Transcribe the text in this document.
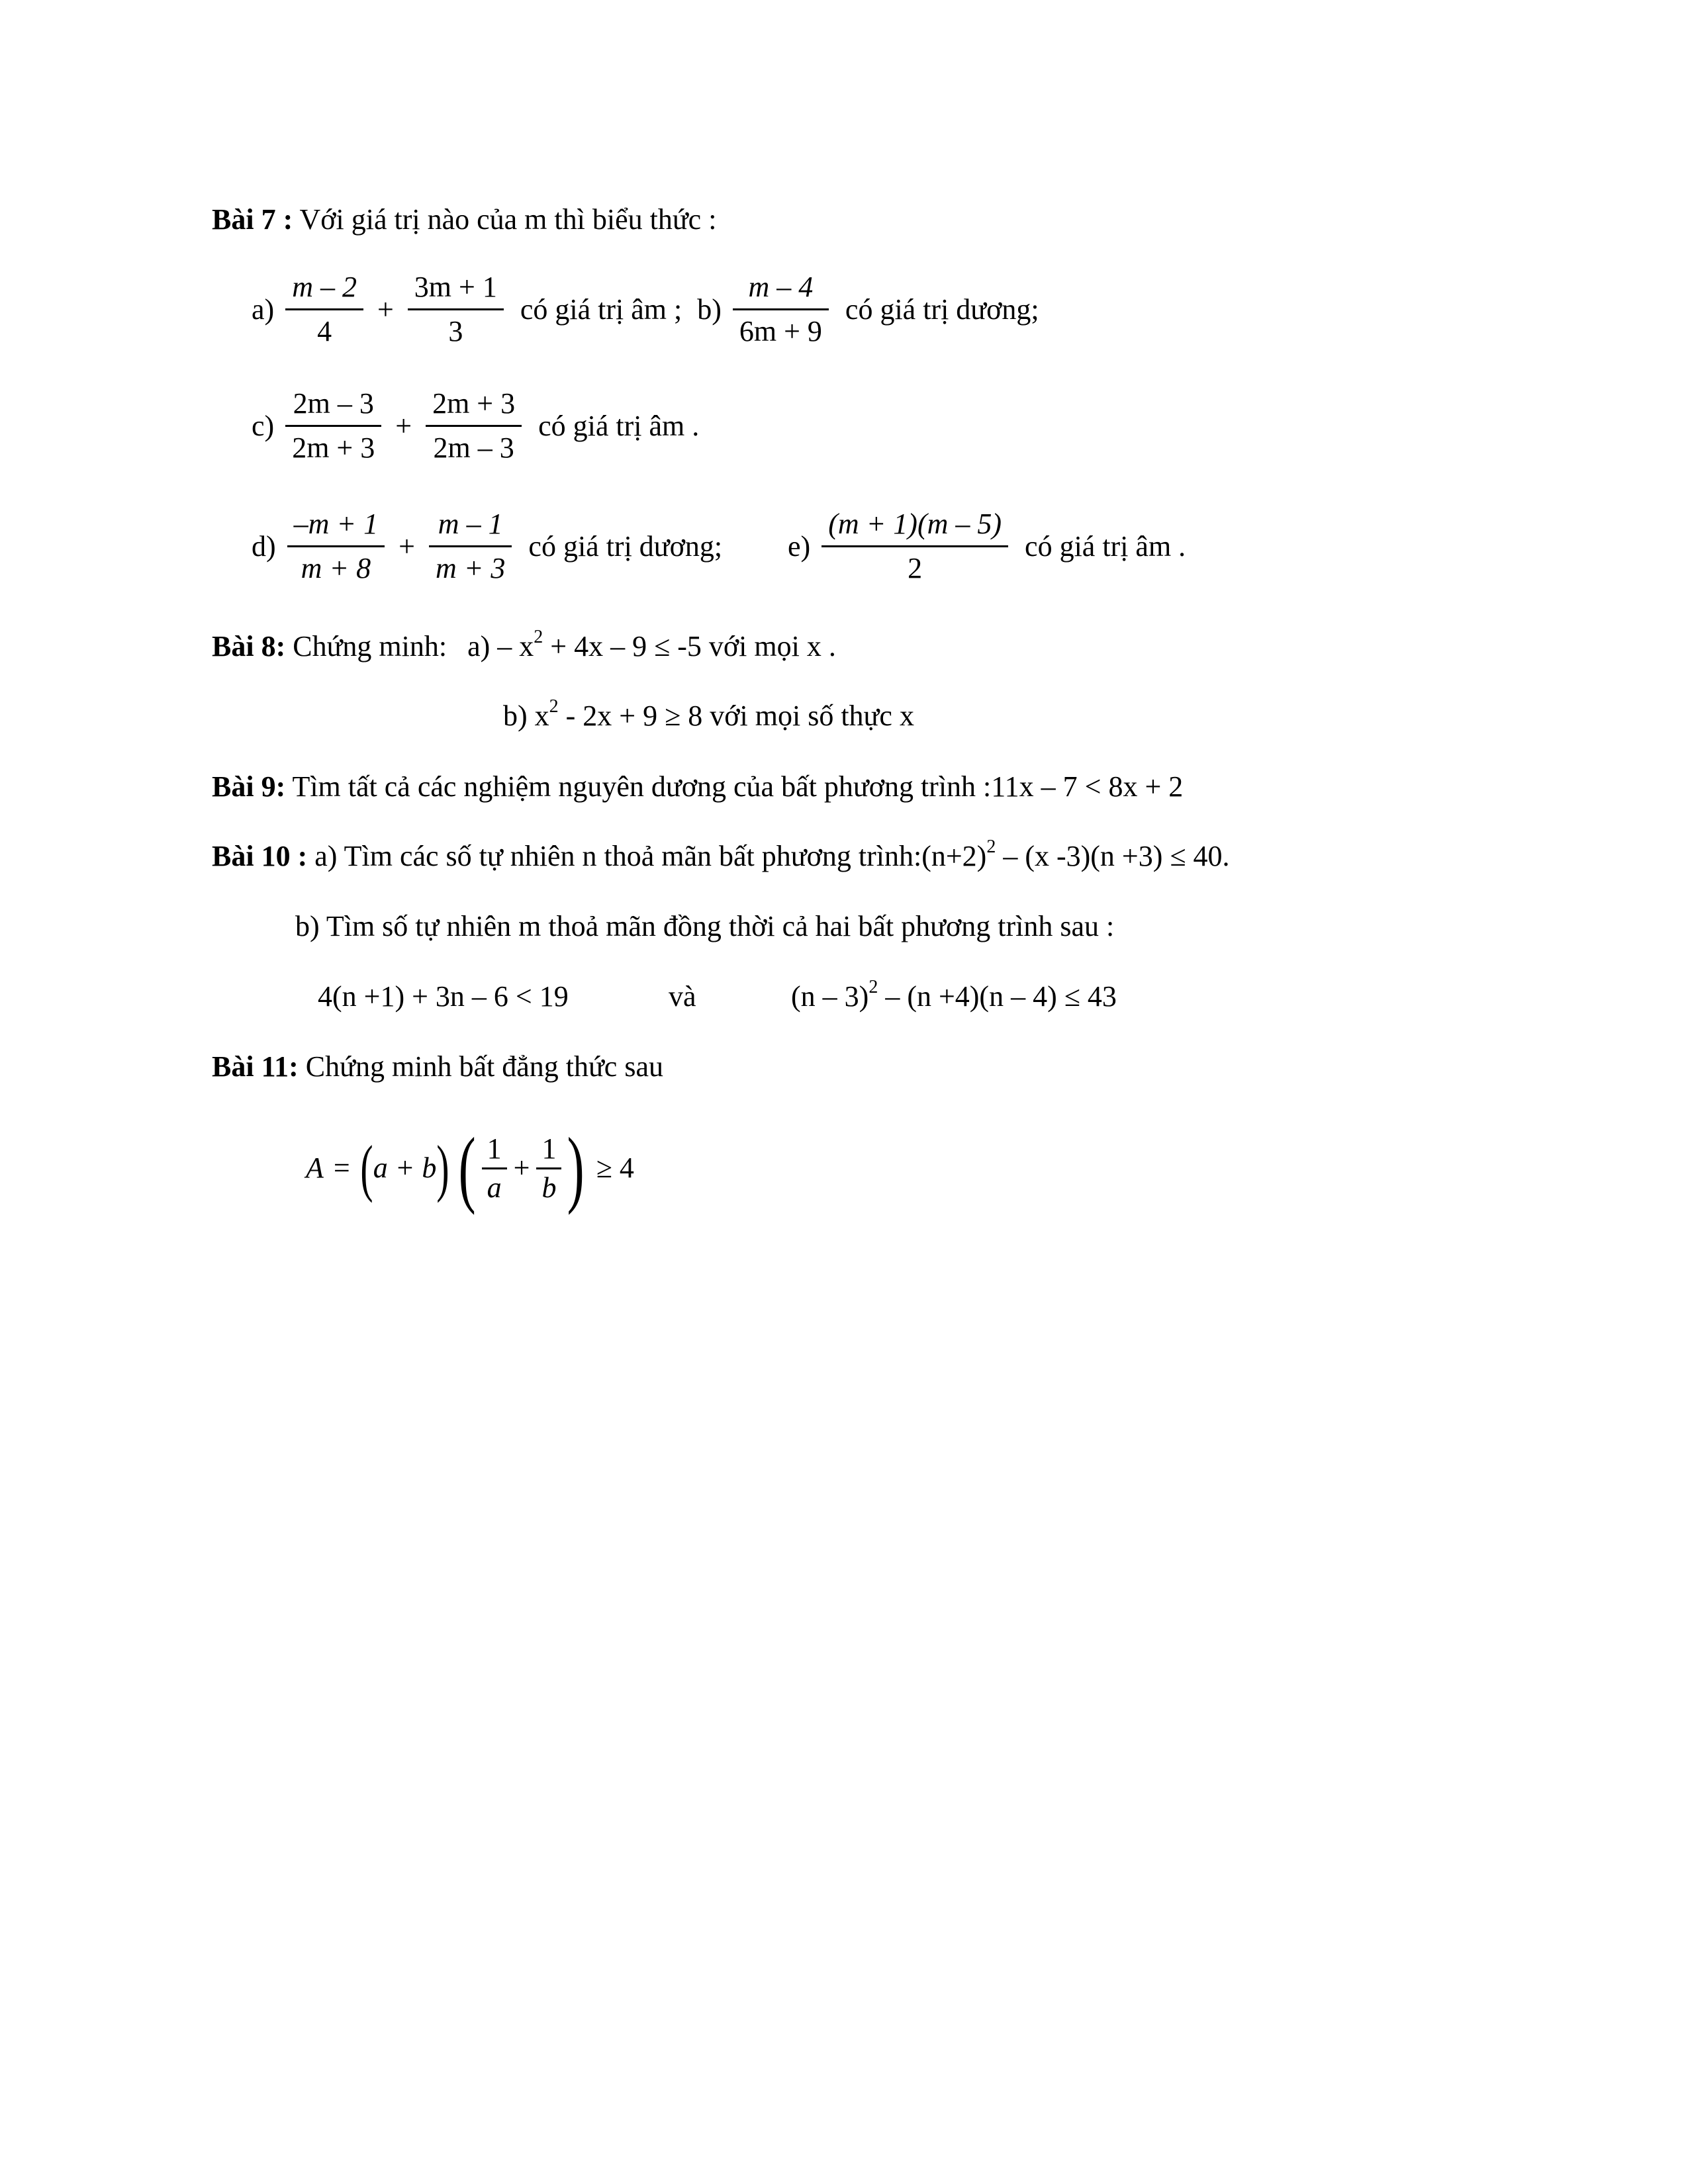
Bài 7 : Với giá trị nào của m thì biểu thức :
$a) \frac{m - 2}{4} + \frac{3m + 1}{3}$ có giá trị âm ; $b) \frac{m - 4}{6m + 9}$ có giá trị dương;
$c) \frac{2m - 3}{2m + 3} + \frac{2m + 3}{2m - 3}$ có giá trị âm .
$d) \frac{-m + 1}{m + 8} + \frac{m - 1}{m + 3}$ có giá trị dương; $e) \frac{(m + 1)(m - 5)}{2}$ có giá trị âm .
Bài 8: Chứng minh: $a) - x^2 + 4x - 9 \le -5$ với mọi x .
b) $x^2 - 2x + 9 \ge 8$ với mọi số thực x
Bài 9: Tìm tất cả các nghiệm nguyên dương của bất phương trình :11x – 7 < 8x + 2
Bài 10 : a) Tìm các số tự nhiên n thoả mãn bất phương $trình:(n+2)^2 - (x$ -3)(n +3) ≤ 40.
b) Tìm số tự nhiên m thoả mãn đồng thời cả hai bất phương trình sau :
4(n +1) + 3n – 6 < 19	và	(n – 3)$^2$ – (n +4)(n – 4) ≤ 43
Bài 11: Chứng minh bất đẳng thức sau
A = (a + b) ( $\frac{1}{a} + \frac{1}{b}$ ) ≥ 4
